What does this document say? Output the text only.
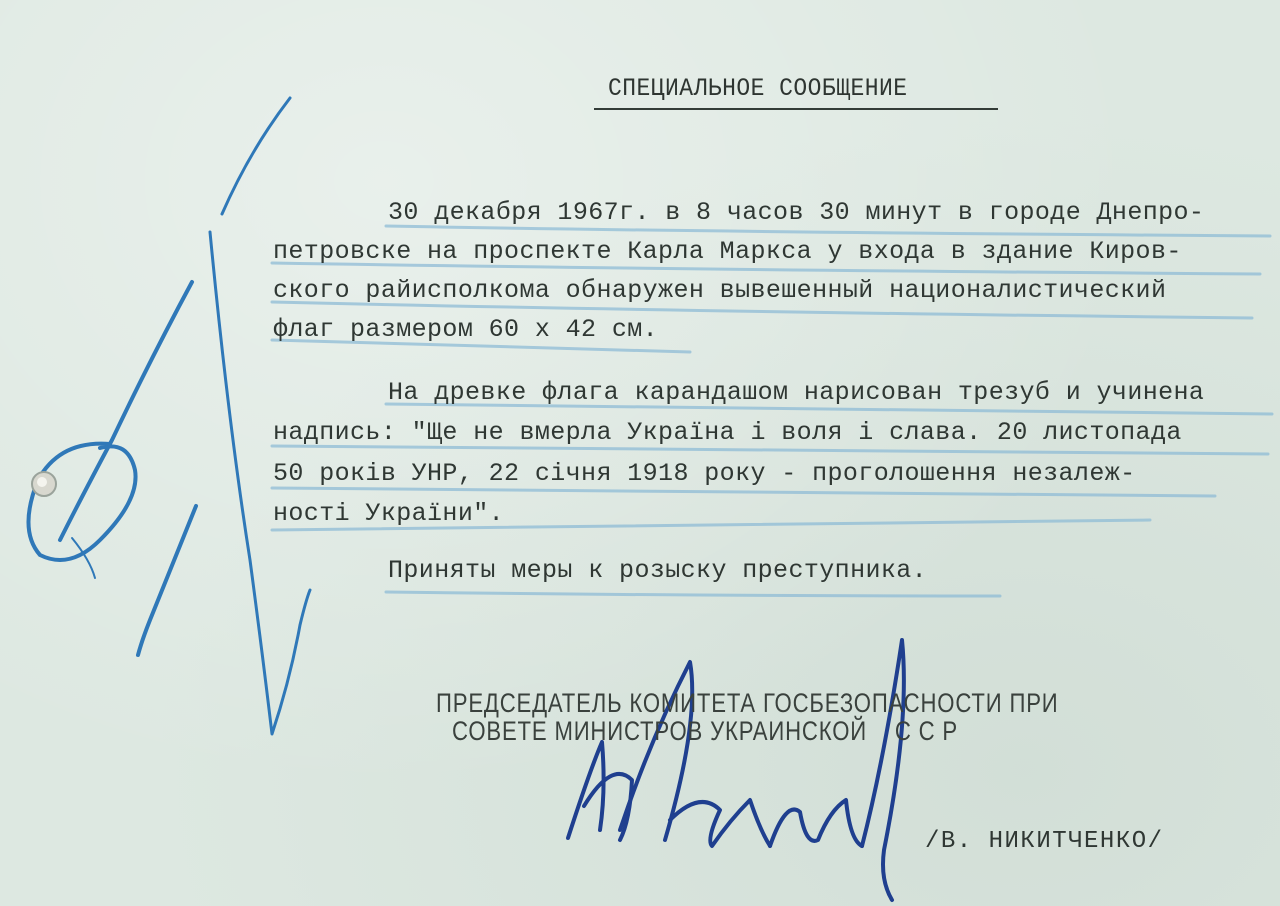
СПЕЦИАЛЬНОЕ СООБЩЕНИЕ
30 декабря 1967г. в 8 часов 30 минут в городе Днепро-
петровске на проспекте Карла Маркса у входа в здание Киров-
ского райисполкома обнаружен вывешенный националистический
флаг размером 60 х 42 см.
На древке флага карандашом нарисован трезуб и учинена
надпись: "Ще не вмерла Украïна i воля i слава. 20 листопада
50 poкiв УНР, 22 сiчня 1918 року - проголошення незалеж-
ностi Украïни".
Приняты меры к розыску преступника.
ПРЕДСЕДАТЕЛЬ КОМИТЕТА ГОСБЕЗОПАСНОСТИ ПРИ
СОВЕТЕ МИНИСТРОВ УКРАИНСКОЙ    С С Р
/В. НИКИТЧЕНКО/
